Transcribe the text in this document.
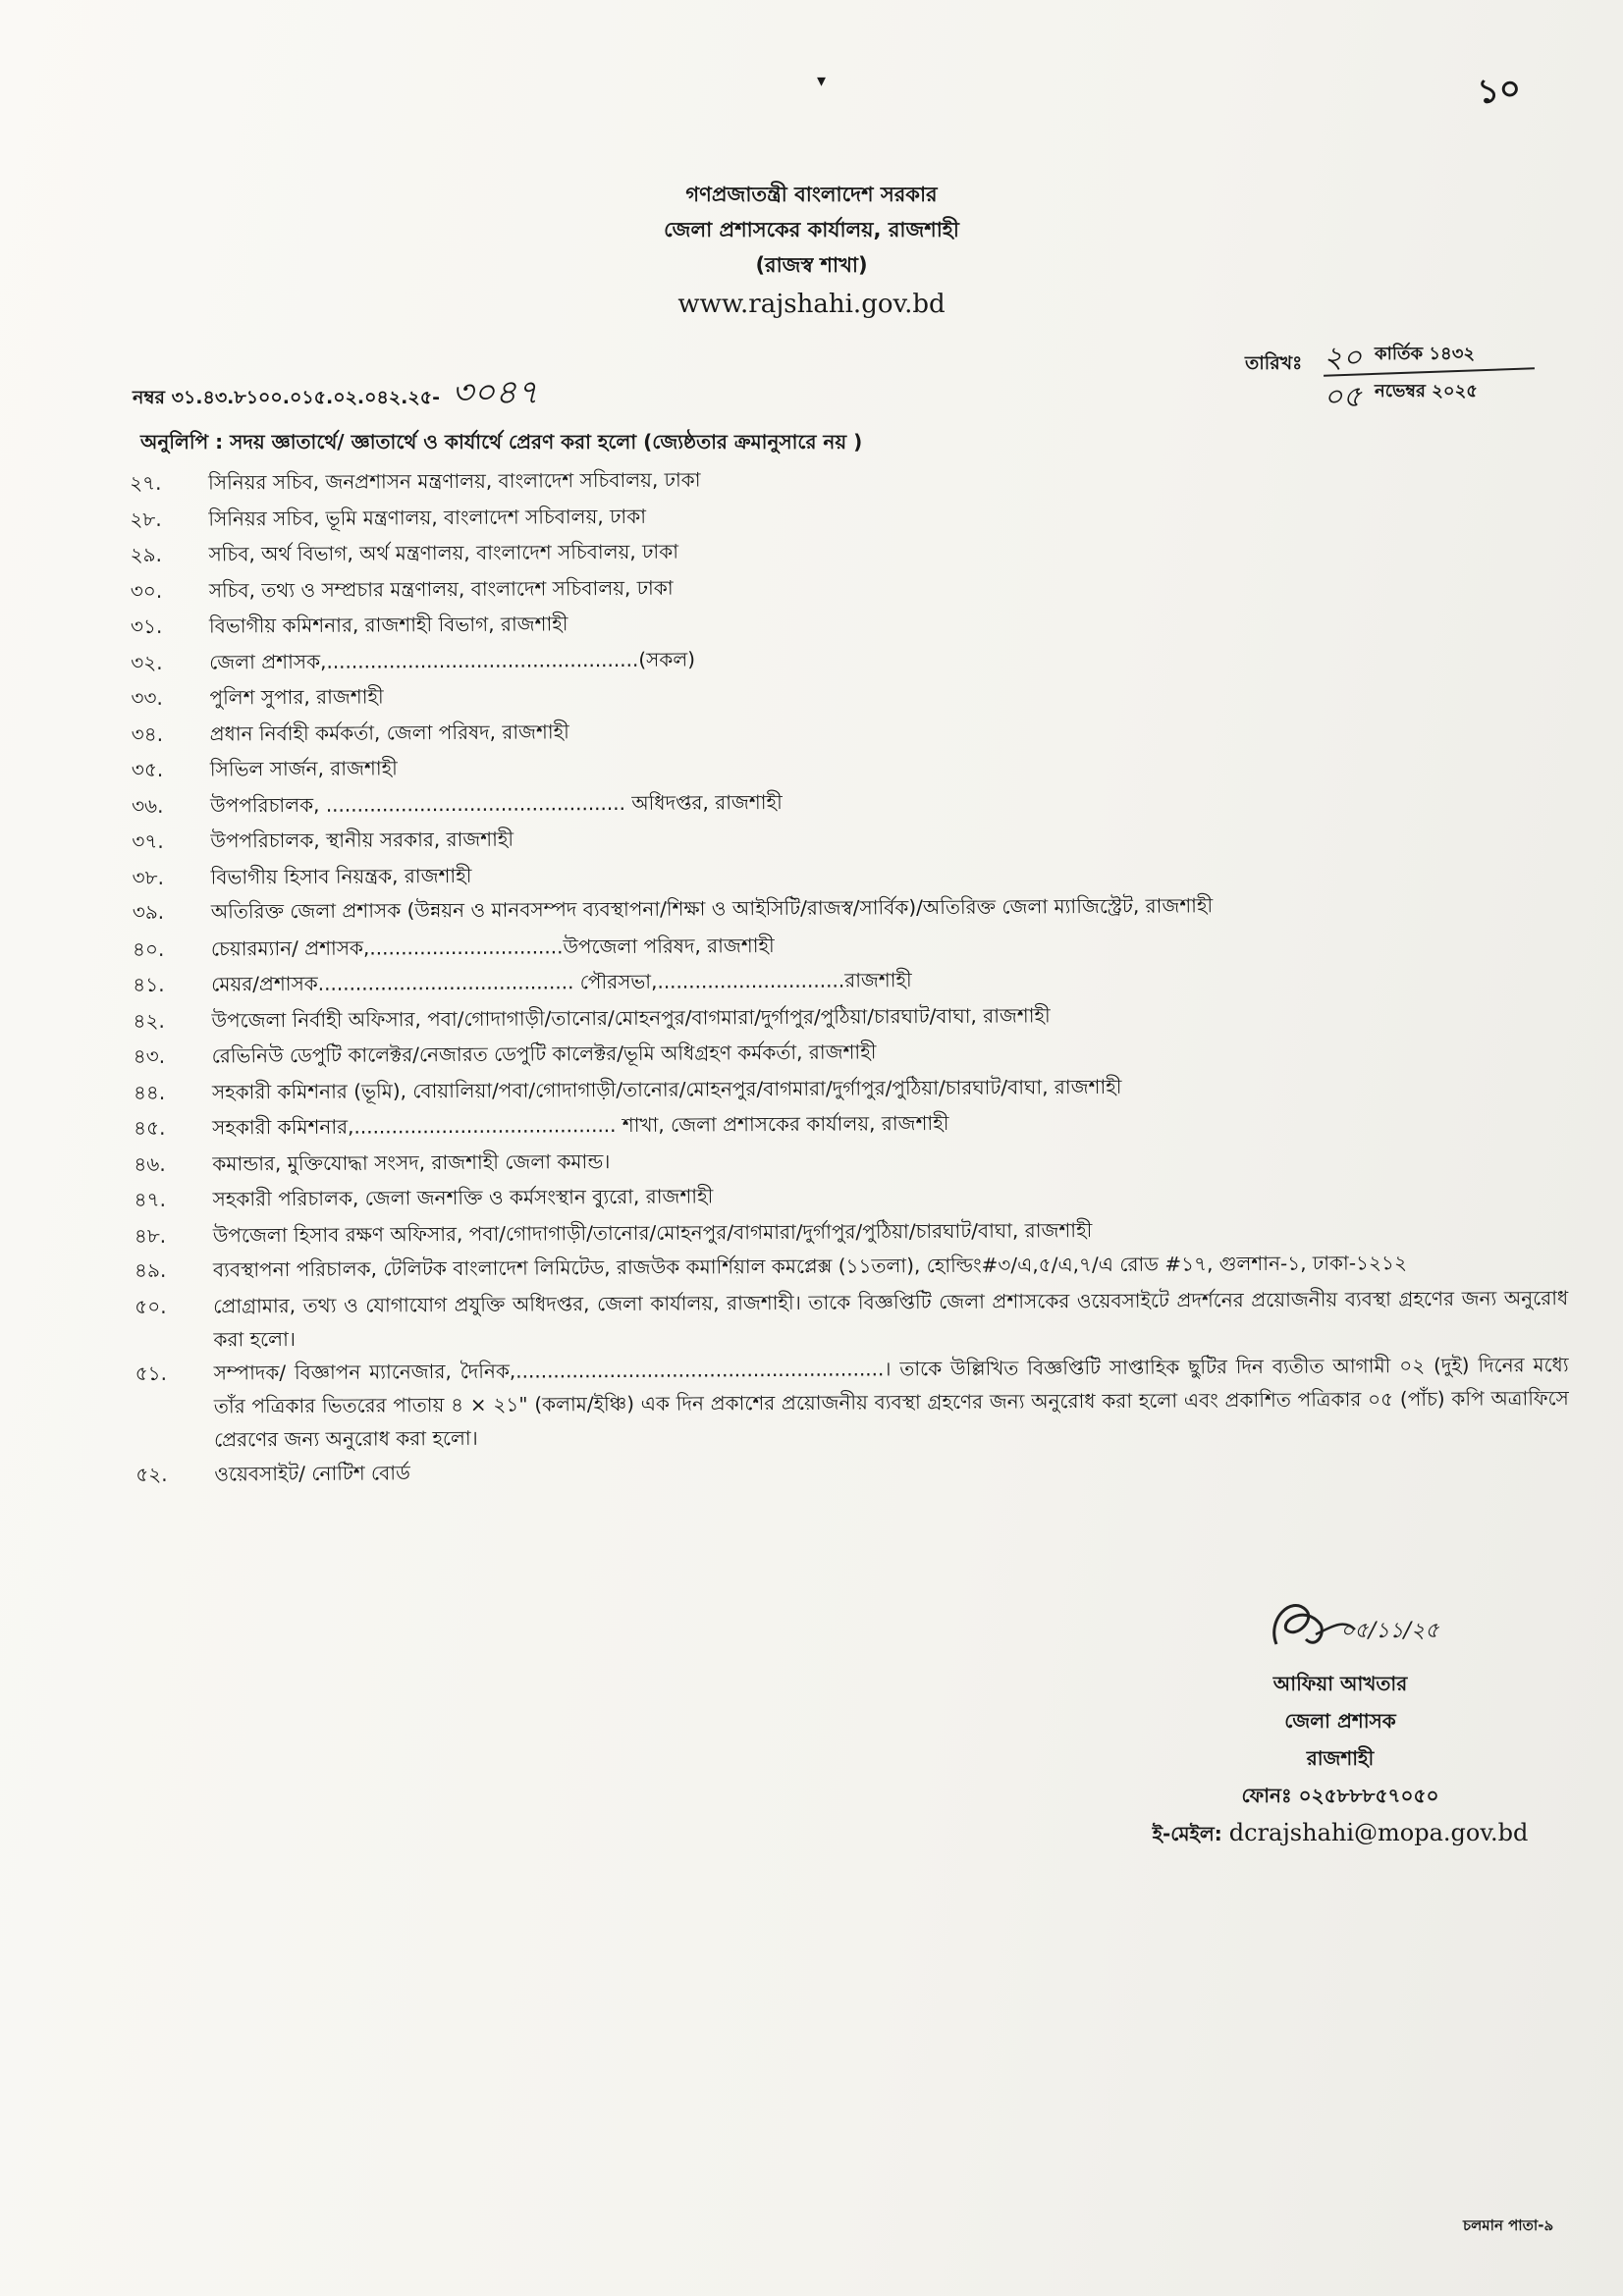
▾	১০
গণপ্রজাতন্ত্রী বাংলাদেশ সরকার
জেলা প্রশাসকের কার্যালয়, রাজশাহী
(রাজস্ব শাখা)
www.rajshahi.gov.bd
নম্বর ৩১.৪৩.৮১০০.০১৫.০২.০৪২.২৫- ৩০৪৭
তারিখঃ ২০ কার্তিক ১৪৩২
০৫ নভেম্বর ২০২৫
অনুলিপি : সদয় জ্ঞাতার্থে/ জ্ঞাতার্থে ও কার্যার্থে প্রেরণ করা হলো (জ্যেষ্ঠতার ক্রমানুসারে নয় )
২৭.	সিনিয়র সচিব, জনপ্রশাসন মন্ত্রণালয়, বাংলাদেশ সচিবালয়, ঢাকা
২৮.	সিনিয়র সচিব, ভূমি মন্ত্রণালয়, বাংলাদেশ সচিবালয়, ঢাকা
২৯.	সচিব, অর্থ বিভাগ, অর্থ মন্ত্রণালয়, বাংলাদেশ সচিবালয়, ঢাকা
৩০.	সচিব, তথ্য ও সম্প্রচার মন্ত্রণালয়, বাংলাদেশ সচিবালয়, ঢাকা
৩১.	বিভাগীয় কমিশনার, রাজশাহী বিভাগ, রাজশাহী
৩২.	জেলা প্রশাসক,..................................................(সকল)
৩৩.	পুলিশ সুপার, রাজশাহী
৩৪.	প্রধান নির্বাহী কর্মকর্তা, জেলা পরিষদ, রাজশাহী
৩৫.	সিভিল সার্জন, রাজশাহী
৩৬.	উপপরিচালক, ................................................ অধিদপ্তর, রাজশাহী
৩৭.	উপপরিচালক, স্থানীয় সরকার, রাজশাহী
৩৮.	বিভাগীয় হিসাব নিয়ন্ত্রক, রাজশাহী
৩৯.	অতিরিক্ত জেলা প্রশাসক (উন্নয়ন ও মানবসম্পদ ব্যবস্থাপনা/শিক্ষা ও আইসিটি/রাজস্ব/সার্বিক)/অতিরিক্ত জেলা ম্যাজিস্ট্রেট, রাজশাহী
৪০.	চেয়ারম্যান/ প্রশাসক,...............................উপজেলা পরিষদ, রাজশাহী
৪১.	মেয়র/প্রশাসক......................................... পৌরসভা,..............................রাজশাহী
৪২.	উপজেলা নির্বাহী অফিসার, পবা/গোদাগাড়ী/তানোর/মোহনপুর/বাগমারা/দুর্গাপুর/পুঠিয়া/চারঘাট/বাঘা, রাজশাহী
৪৩.	রেভিনিউ ডেপুটি কালেক্টর/নেজারত ডেপুটি কালেক্টর/ভূমি অধিগ্রহণ কর্মকর্তা, রাজশাহী
৪৪.	সহকারী কমিশনার (ভূমি), বোয়ালিয়া/পবা/গোদাগাড়ী/তানোর/মোহনপুর/বাগমারা/দুর্গাপুর/পুঠিয়া/চারঘাট/বাঘা, রাজশাহী
৪৫.	সহকারী কমিশনার,.......................................... শাখা, জেলা প্রশাসকের কার্যালয়, রাজশাহী
৪৬.	কমান্ডার, মুক্তিযোদ্ধা সংসদ, রাজশাহী জেলা কমান্ড।
৪৭.	সহকারী পরিচালক, জেলা জনশক্তি ও কর্মসংস্থান ব্যুরো, রাজশাহী
৪৮.	উপজেলা হিসাব রক্ষণ অফিসার, পবা/গোদাগাড়ী/তানোর/মোহনপুর/বাগমারা/দুর্গাপুর/পুঠিয়া/চারঘাট/বাঘা, রাজশাহী
৪৯.	ব্যবস্থাপনা পরিচালক, টেলিটক বাংলাদেশ লিমিটেড, রাজউক কমার্শিয়াল কমপ্লেক্স (১১তলা), হোল্ডিং#৩/এ,৫/এ,৭/এ রোড #১৭, গুলশান-১, ঢাকা-১২১২
৫০.	প্রোগ্রামার, তথ্য ও যোগাযোগ প্রযুক্তি অধিদপ্তর, জেলা কার্যালয়, রাজশাহী। তাকে বিজ্ঞপ্তিটি জেলা প্রশাসকের ওয়েবসাইটে প্রদর্শনের প্রয়োজনীয় ব্যবস্থা গ্রহণের জন্য অনুরোধ করা হলো।
৫১.	সম্পাদক/ বিজ্ঞাপন ম্যানেজার, দৈনিক,...........................................................। তাকে উল্লিখিত বিজ্ঞপ্তিটি সাপ্তাহিক ছুটির দিন ব্যতীত আগামী ০২ (দুই) দিনের মধ্যে তাঁর পত্রিকার ভিতরের পাতায় ৪ × ২১" (কলাম/ইঞ্চি) এক দিন প্রকাশের প্রয়োজনীয় ব্যবস্থা গ্রহণের জন্য অনুরোধ করা হলো এবং প্রকাশিত পত্রিকার ০৫ (পাঁচ) কপি অত্রাফিসে প্রেরণের জন্য অনুরোধ করা হলো।
৫২.	ওয়েবসাইট/ নোটিশ বোর্ড
০৫/১১/২৫
আফিয়া আখতার
জেলা প্রশাসক
রাজশাহী
ফোনঃ ০২৫৮৮৮৫৭০৫০
ই-মেইল: dcrajshahi@mopa.gov.bd
চলমান পাতা-৯
